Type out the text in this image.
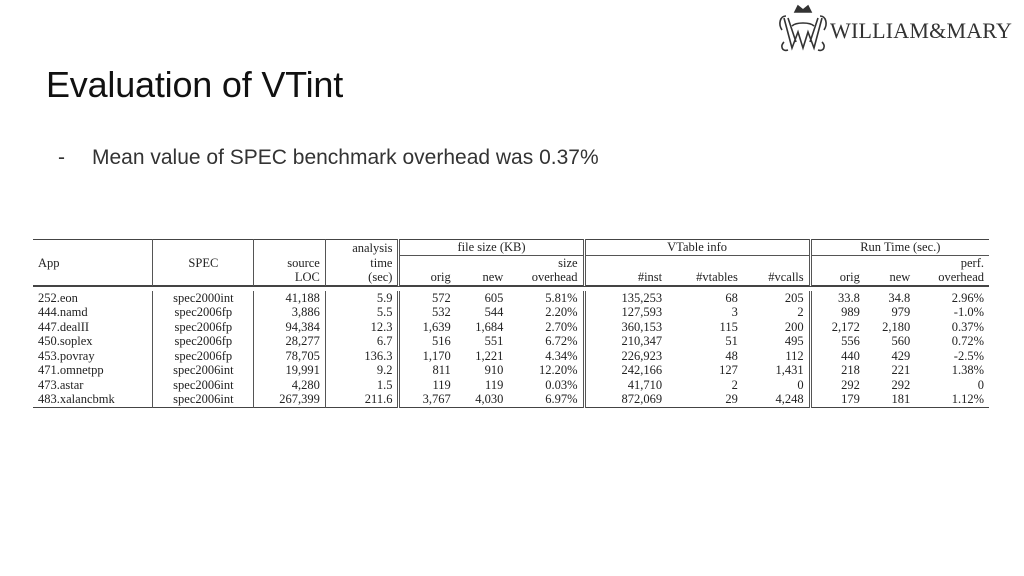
Evaluation of VTint
- Mean value of SPEC benchmark overhead was 0.37%
WILLIAM&MARY
			analysis	file size (KB)			VTable info			Run Time (sec.)		
App	SPEC	source	time			size						perf.
		LOC	(sec)	orig	new	overhead	#inst	#vtables	#vcalls	orig	new	overhead

252.eon	spec2000int	41,188	5.9	572	605	5.81%	135,253	68	205	33.8	34.8	2.96%
444.namd	spec2006fp	3,886	5.5	532	544	2.20%	127,593	3	2	989	979	-1.0%
447.dealII	spec2006fp	94,384	12.3	1,639	1,684	2.70%	360,153	115	200	2,172	2,180	0.37%
450.soplex	spec2006fp	28,277	6.7	516	551	6.72%	210,347	51	495	556	560	0.72%
453.povray	spec2006fp	78,705	136.3	1,170	1,221	4.34%	226,923	48	112	440	429	-2.5%
471.omnetpp	spec2006int	19,991	9.2	811	910	12.20%	242,166	127	1,431	218	221	1.38%
473.astar	spec2006int	4,280	1.5	119	119	0.03%	41,710	2	0	292	292	0
483.xalancbmk	spec2006int	267,399	211.6	3,767	4,030	6.97%	872,069	29	4,248	179	181	1.12%
